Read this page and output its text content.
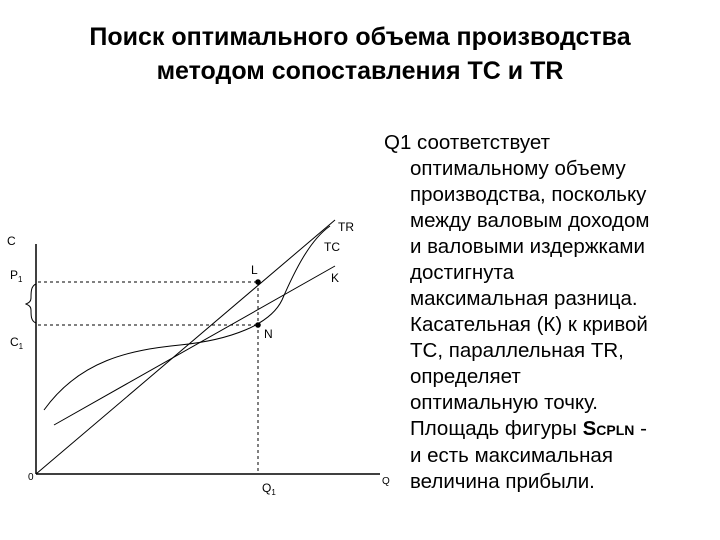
Поиск оптимального объема производства
методом сопоставления TC и TR
C
Q
0
$P_1$
$C_1$
$Q_1$
TR
TC
K
L
N
Q1 соответствует
оптимальному объему
производства, поскольку
между валовым доходом
и валовыми издержками
достигнута
максимальная разница.
Касательная (К) к кривой
TC, параллельная TR,
определяет
оптимальную точку.
Площадь фигуры SCPLN -
и есть максимальная
величина прибыли.
